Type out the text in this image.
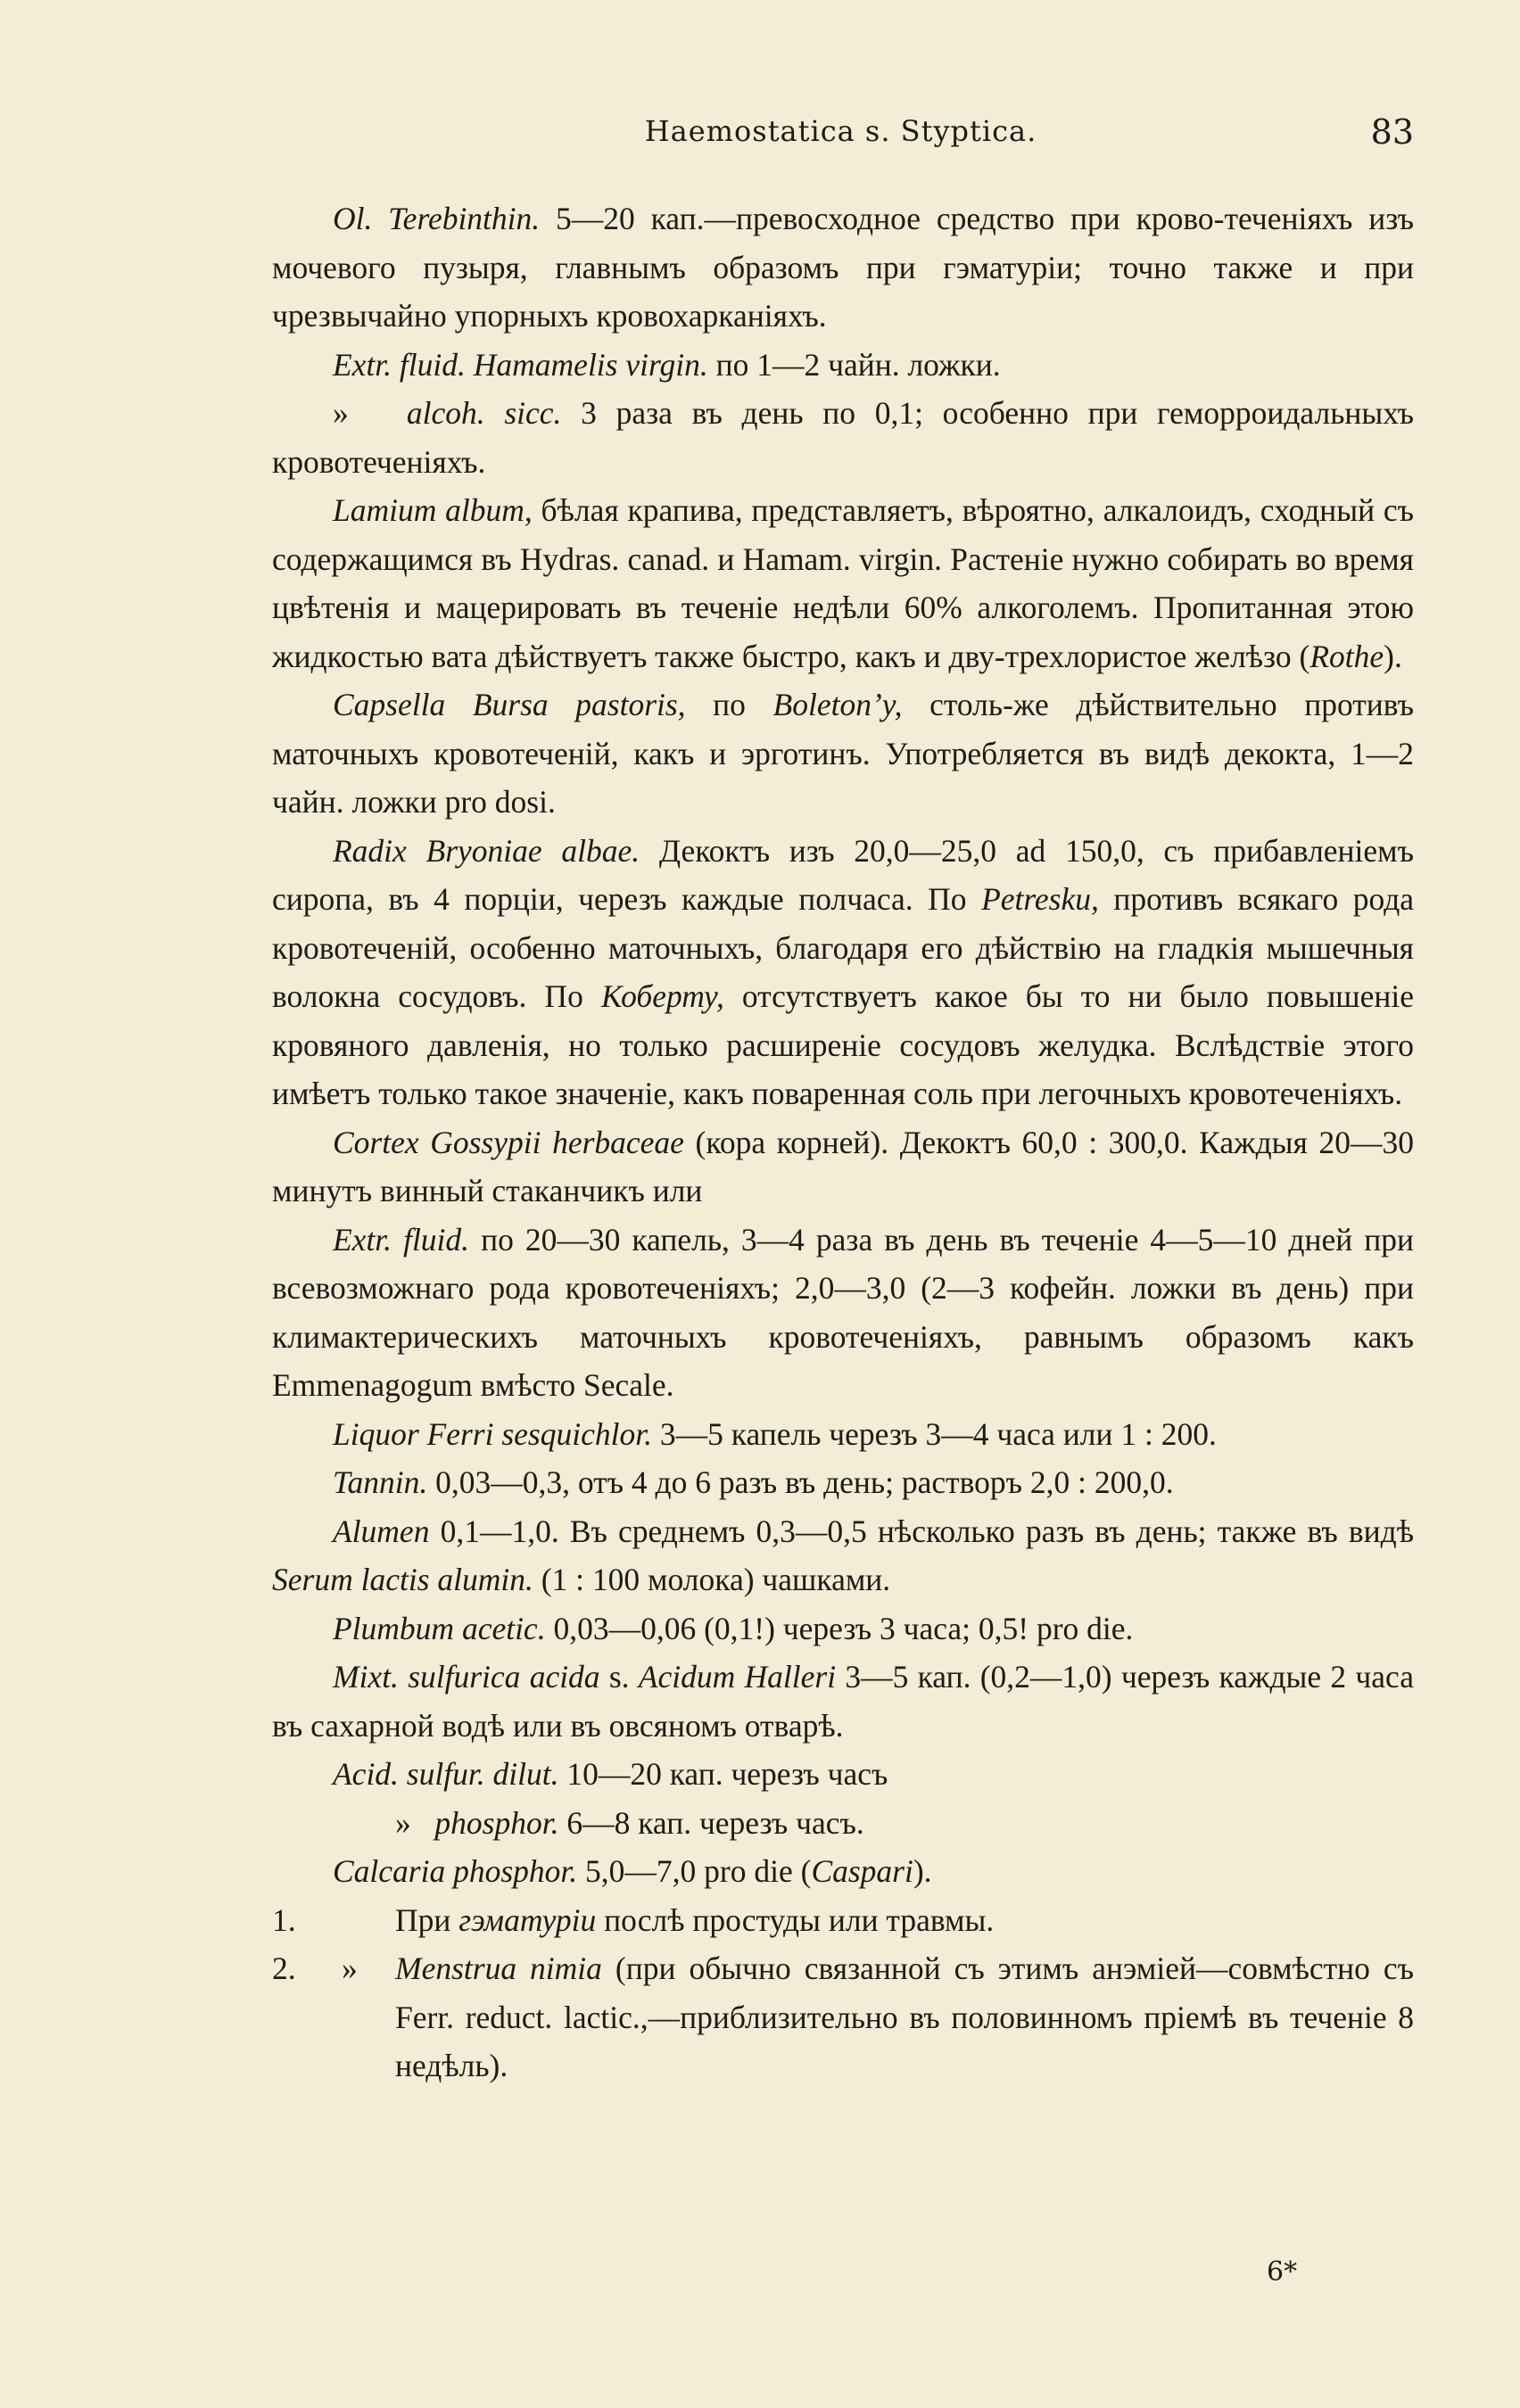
Haemostatica s. Styptica.	83

Ol. Terebinthin. 5—20 кап.—превосходное средство при крово-теченіяхъ изъ мочевого пузыря, главнымъ образомъ при гэматуріи; точно также и при чрезвычайно упорныхъ кровохарканіяхъ.

Extr. fluid. Hamamelis virgin. по 1—2 чайн. ложки.

» alcoh. sicc. 3 раза въ день по 0,1; особенно при геморроидальныхъ кровотеченіяхъ.

Lamium album, бѣлая крапива, представляетъ, вѣроятно, алкалоидъ, сходный съ содержащимся въ Hydras. canad. и Hamam. virgin. Растеніе нужно собирать во время цвѣтенія и мацерировать въ теченіе недѣли 60% алкоголемъ. Пропитанная этою жидкостью вата дѣйствуетъ также быстро, какъ и дву-трехлористое желѣзо (Rothe).

Capsella Bursa pastoris, по Boletonʼy, столь-же дѣйствительно противъ маточныхъ кровотеченій, какъ и эрготинъ. Употребляется въ видѣ декокта, 1—2 чайн. ложки pro dosi.

Radix Bryoniae albae. Декоктъ изъ 20,0—25,0 ad 150,0, съ прибавленіемъ сиропа, въ 4 порціи, черезъ каждые полчаса. По Petresku, противъ всякаго рода кровотеченій, особенно маточныхъ, благодаря его дѣйствію на гладкія мышечныя волокна сосудовъ. По Коберту, отсутствуетъ какое бы то ни было повышеніе кровяного давленія, но только расширеніе сосудовъ желудка. Вслѣдствіе этого имѣетъ только такое значеніе, какъ поваренная соль при легочныхъ кровотеченіяхъ.

Cortex Gossypii herbaceae (кора корней). Декоктъ 60,0 : 300,0. Каждыя 20—30 минутъ винный стаканчикъ или

Extr. fluid. по 20—30 капель, 3—4 раза въ день въ теченіе 4—5—10 дней при всевозможнаго рода кровотеченіяхъ; 2,0—3,0 (2—3 кофейн. ложки въ день) при климактерическихъ маточныхъ кровотеченіяхъ, равнымъ образомъ какъ Emmenagogum вмѣсто Secale.

Liquor Ferri sesquichlor. 3—5 капель черезъ 3—4 часа или 1 : 200.

Tannin. 0,03—0,3, отъ 4 до 6 разъ въ день; растворъ 2,0 : 200,0.

Alumen 0,1—1,0. Въ среднемъ 0,3—0,5 нѣсколько разъ въ день; также въ видѣ Serum lactis alumin. (1 : 100 молока) чашками.

Plumbum acetic. 0,03—0,06 (0,1!) черезъ 3 часа; 0,5! pro die.

Mixt. sulfurica acida s. Acidum Halleri 3—5 кап. (0,2—1,0) черезъ каждые 2 часа въ сахарной водѣ или въ овсяномъ отварѣ.

Acid. sulfur. dilut. 10—20 кап. черезъ часъ

» phosphor. 6—8 кап. черезъ часъ.

Calcaria phosphor. 5,0—7,0 pro die (Caspari).

1.	При гэматуріи послѣ простуды или травмы.

2. » Menstrua nimia (при обычно связанной съ этимъ анэміей—совмѣстно съ Ferr. reduct. lactic.,—приблизительно въ половинномъ пріемѣ въ теченіе 8 недѣль).

6*
